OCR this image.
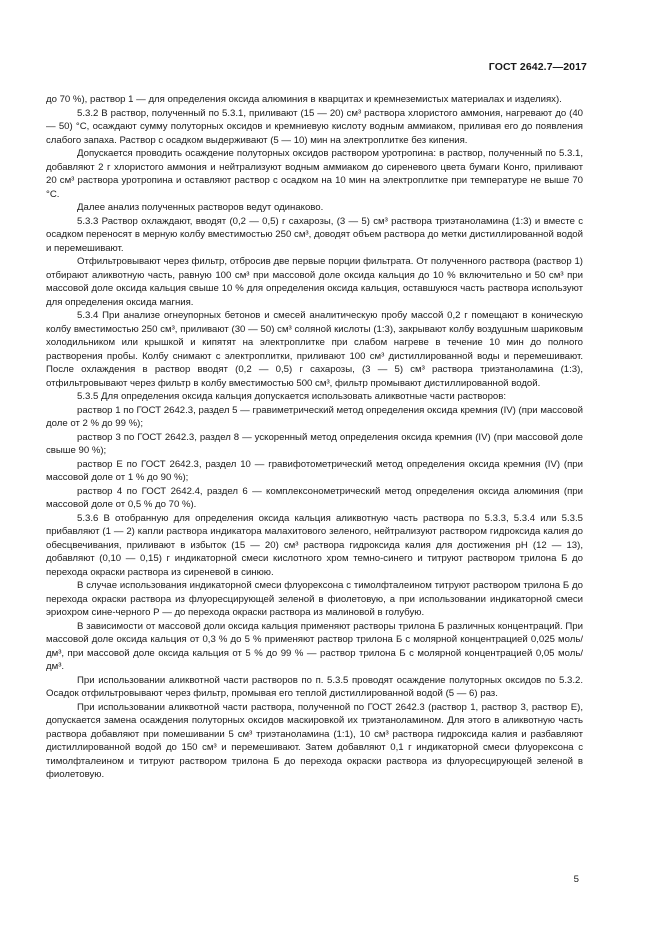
ГОСТ 2642.7—2017

до 70 %), раствор 1 — для определения оксида алюминия в кварцитах и кремнеземистых материалах и изделиях).

5.3.2 В раствор, полученный по 5.3.1, приливают (15 — 20) см³ раствора хлористого аммония, нагревают до (40 — 50) °С, осаждают сумму полуторных оксидов и кремниевую кислоту водным аммиаком, приливая его до появления слабого запаха. Раствор с осадком выдерживают (5 — 10) мин на электроплитке без кипения.

Допускается проводить осаждение полуторных оксидов раствором уротропина: в раствор, полученный по 5.3.1, добавляют 2 г хлористого аммония и нейтрализуют водным аммиаком до сиреневого цвета бумаги Конго, приливают 20 см³ раствора уротропина и оставляют раствор с осадком на 10 мин на электроплитке при температуре не выше 70 °С.

Далее анализ полученных растворов ведут одинаково.

5.3.3 Раствор охлаждают, вводят (0,2 — 0,5) г сахарозы, (3 — 5) см³ раствора триэтаноламина (1:3) и вместе с осадком переносят в мерную колбу вместимостью 250 см³, доводят объем раствора до метки дистиллированной водой и перемешивают.

Отфильтровывают через фильтр, отбросив две первые порции фильтрата. От полученного раствора (раствор 1) отбирают аликвотную часть, равную 100 см³ при массовой доле оксида кальция до 10 % включительно и 50 см³ при массовой доле оксида кальция свыше 10 % для определения оксида кальция, оставшуюся часть раствора используют для определения оксида магния.

5.3.4 При анализе огнеупорных бетонов и смесей аналитическую пробу массой 0,2 г помещают в коническую колбу вместимостью 250 см³, приливают (30 — 50) см³ соляной кислоты (1:3), закрывают колбу воздушным шариковым холодильником или крышкой и кипятят на электроплитке при слабом нагреве в течение 10 мин до полного растворения пробы. Колбу снимают с электроплитки, приливают 100 см³ дистиллированной воды и перемешивают. После охлаждения в раствор вводят (0,2 — 0,5) г сахарозы, (3 — 5) см³ раствора триэтаноламина (1:3), отфильтровывают через фильтр в колбу вместимостью 500 см³, фильтр промывают дистиллированной водой.

5.3.5 Для определения оксида кальция допускается использовать аликвотные части растворов:

раствор 1 по ГОСТ 2642.3, раздел 5 — гравиметрический метод определения оксида кремния (IV) (при массовой доле от 2 % до 99 %);

раствор 3 по ГОСТ 2642.3, раздел 8 — ускоренный метод определения оксида кремния (IV) (при массовой доле свыше 90 %);

раствор Е по ГОСТ 2642.3, раздел 10 — гравифотометрический метод определения оксида кремния (IV) (при массовой доле от 1 % до 90 %);

раствор 4 по ГОСТ 2642.4, раздел 6 — комплексонометрический метод определения оксида алюминия (при массовой доле от 0,5 % до 70 %).

5.3.6 В отобранную для определения оксида кальция аликвотную часть раствора по 5.3.3, 5.3.4 или 5.3.5 прибавляют (1 — 2) капли раствора индикатора малахитового зеленого, нейтрализуют раствором гидроксида калия до обесцвечивания, приливают в избыток (15 — 20) см³ раствора гидроксида калия для достижения рН (12 — 13), добавляют (0,10 — 0,15) г индикаторной смеси кислотного хром темно-синего и титруют раствором трилона Б до перехода окраски раствора из сиреневой в синюю.

В случае использования индикаторной смеси флуорексона с тимолфталеином титруют раствором трилона Б до перехода окраски раствора из флуоресцирующей зеленой в фиолетовую, а при использовании индикаторной смеси эриохром сине-черного Р — до перехода окраски раствора из малиновой в голубую.

В зависимости от массовой доли оксида кальция применяют растворы трилона Б различных концентраций. При массовой доле оксида кальция от 0,3 % до 5 % применяют раствор трилона Б с молярной концентрацией 0,025 моль/дм³, при массовой доле оксида кальция от 5 % до 99 % — раствор трилона Б с молярной концентрацией 0,05 моль/дм³.

При использовании аликвотной части растворов по п. 5.3.5 проводят осаждение полуторных оксидов по 5.3.2. Осадок отфильтровывают через фильтр, промывая его теплой дистиллированной водой (5 — 6) раз.

При использовании аликвотной части раствора, полученной по ГОСТ 2642.3 (раствор 1, раствор 3, раствор Е), допускается замена осаждения полуторных оксидов маскировкой их триэтаноламином. Для этого в аликвотную часть раствора добавляют при помешивании 5 см³ триэтаноламина (1:1), 10 см³ раствора гидроксида калия и разбавляют дистиллированной водой до 150 см³ и перемешивают. Затем добавляют 0,1 г индикаторной смеси флуорексона с тимолфталеином и титруют раствором трилона Б до перехода окраски раствора из флуоресцирующей зеленой в фиолетовую.

5
